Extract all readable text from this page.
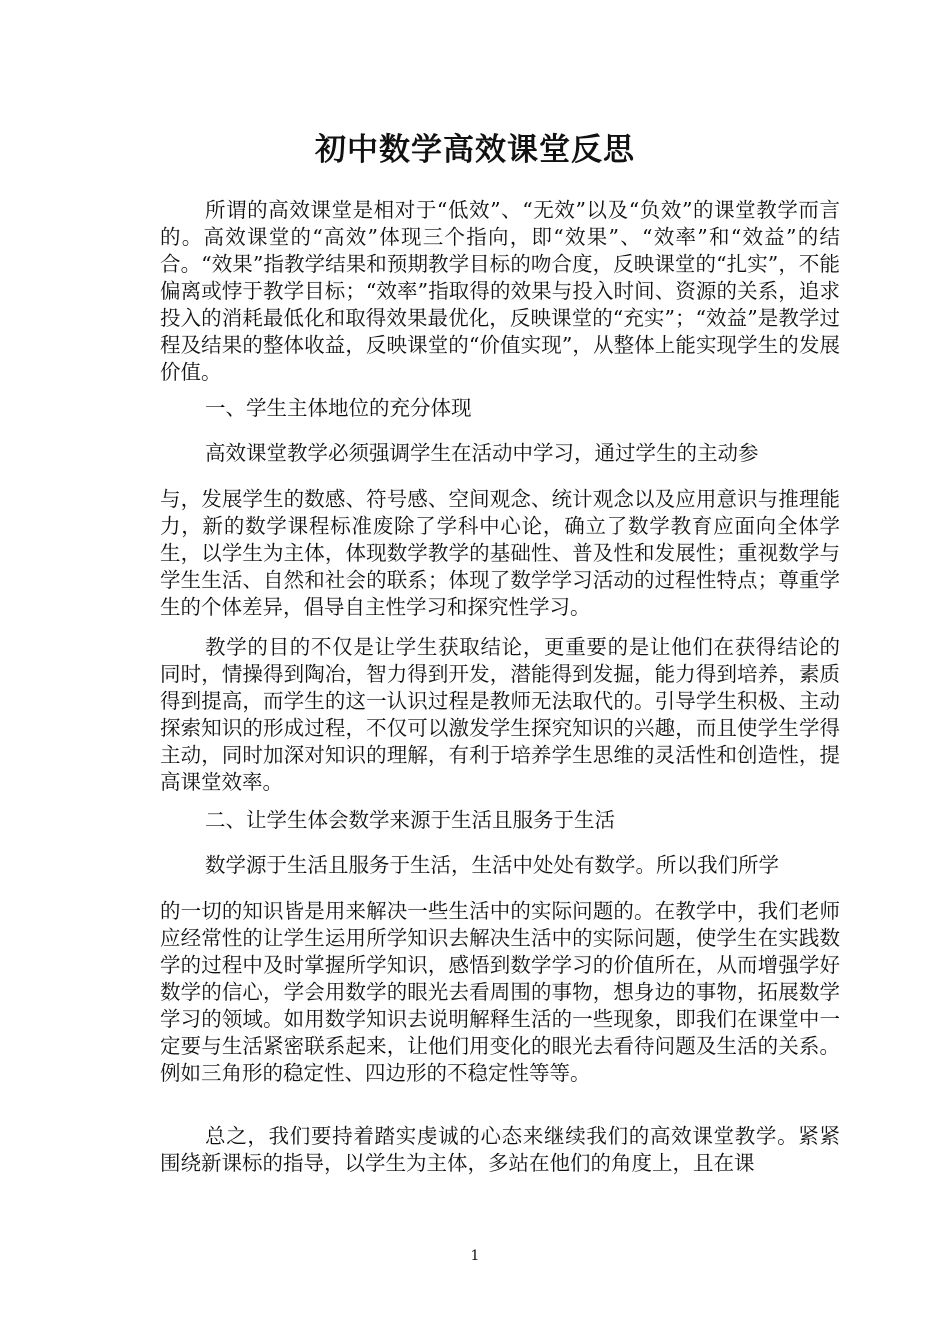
初中数学高效课堂反思

所谓的高效课堂是相对于“低效”、“无效”以及“负效”的课堂教学而言的。高效课堂的“高效”体现三个指向，即“效果”、“效率”和“效益”的结合。“效果”指教学结果和预期教学目标的吻合度，反映课堂的“扎实”，不能偏离或悖于教学目标；“效率”指取得的效果与投入时间、资源的关系，追求投入的消耗最低化和取得效果最优化，反映课堂的“充实”；“效益”是教学过程及结果的整体收益，反映课堂的“价值实现”，从整体上能实现学生的发展价值。

一、学生主体地位的充分体现

高效课堂教学必须强调学生在活动中学习，通过学生的主动参

与，发展学生的数感、符号感、空间观念、统计观念以及应用意识与推理能力，新的数学课程标准废除了学科中心论，确立了数学教育应面向全体学生，以学生为主体，体现数学教学的基础性、普及性和发展性；重视数学与学生生活、自然和社会的联系；体现了数学学习活动的过程性特点；尊重学生的个体差异，倡导自主性学习和探究性学习。

教学的目的不仅是让学生获取结论，更重要的是让他们在获得结论的同时，情操得到陶冶，智力得到开发，潜能得到发掘，能力得到培养，素质得到提高，而学生的这一认识过程是教师无法取代的。引导学生积极、主动探索知识的形成过程，不仅可以激发学生探究知识的兴趣，而且使学生学得主动，同时加深对知识的理解，有利于培养学生思维的灵活性和创造性，提高课堂效率。

二、让学生体会数学来源于生活且服务于生活

数学源于生活且服务于生活，生活中处处有数学。所以我们所学

的一切的知识皆是用来解决一些生活中的实际问题的。在教学中，我们老师应经常性的让学生运用所学知识去解决生活中的实际问题，使学生在实践数学的过程中及时掌握所学知识，感悟到数学学习的价值所在，从而增强学好数学的信心，学会用数学的眼光去看周围的事物，想身边的事物，拓展数学学习的领域。如用数学知识去说明解释生活的一些现象，即我们在课堂中一定要与生活紧密联系起来，让他们用变化的眼光去看待问题及生活的关系。例如三角形的稳定性、四边形的不稳定性等等。

总之，我们要持着踏实虔诚的心态来继续我们的高效课堂教学。紧紧围绕新课标的指导，以学生为主体，多站在他们的角度上，且在课

1
